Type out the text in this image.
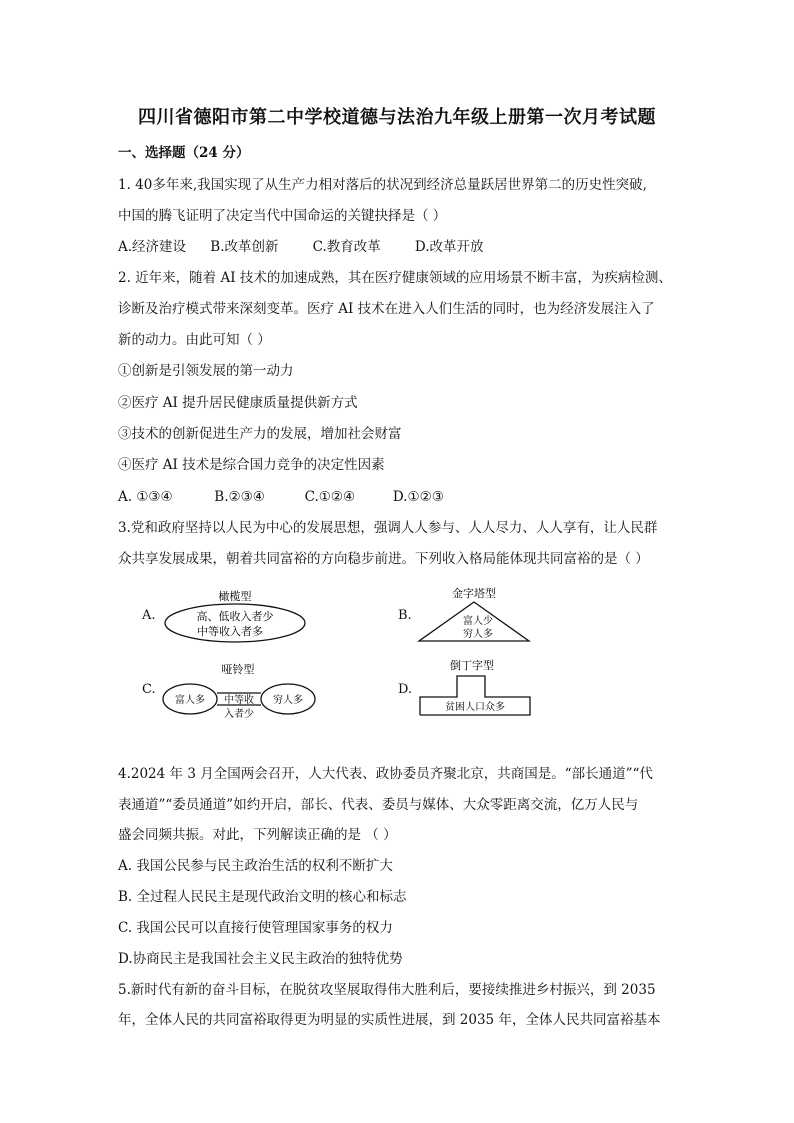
四川省德阳市第二中学校道德与法治九年级上册第一次月考试题
一、选择题（24 分）
1. 40多年来,我国实现了从生产力相对落后的状况到经济总量跃居世界第二的历史性突破,
中国的腾飞证明了决定当代中国命运的关键抉择是（ ）
A.经济建设 B.改革创新	C.教育改革	D.改革开放
2. 近年来，随着 AI 技术的加速成熟，其在医疗健康领域的应用场景不断丰富，为疾病检测、
诊断及治疗模式带来深刻变革。医疗 AI 技术在进入人们生活的同时，也为经济发展注入了
新的动力。由此可知（ ）
①创新是引领发展的第一动力
②医疗 AI 提升居民健康质量提供新方式
③技术的创新促进生产力的发展，增加社会财富
④医疗 AI 技术是综合国力竞争的决定性因素
A. ①③④	B.②③④	C.①②④	D.①②③
3.党和政府坚持以人民为中心的发展思想，强调人人参与、人人尽力、人人享有，让人民群
众共享发展成果，朝着共同富裕的方向稳步前进。下列收入格局能体现共同富裕的是（ ）
A.
橄榄型
高、低收入者少
中等收入者多
B.
金字塔型
富人少
穷人多
C.
哑铃型
富人多 中等收 穷人多
入者少
D.
倒丁字型
贫困人口众多
4.2024 年 3 月全国两会召开，人大代表、政协委员齐聚北京，共商国是。“部长通道”“代
表通道”“委员通道”如约开启，部长、代表、委员与媒体、大众零距离交流，亿万人民与
盛会同频共振。对此，下列解读正确的是 （ ）
A. 我国公民参与民主政治生活的权利不断扩大
B. 全过程人民民主是现代政治文明的核心和标志
C. 我国公民可以直接行使管理国家事务的权力
D.协商民主是我国社会主义民主政治的独特优势
5.新时代有新的奋斗目标，在脱贫攻坚展取得伟大胜利后，要接续推进乡村振兴，到 2035
年，全体人民的共同富裕取得更为明显的实质性进展，到 2035 年，全体人民共同富裕基本
